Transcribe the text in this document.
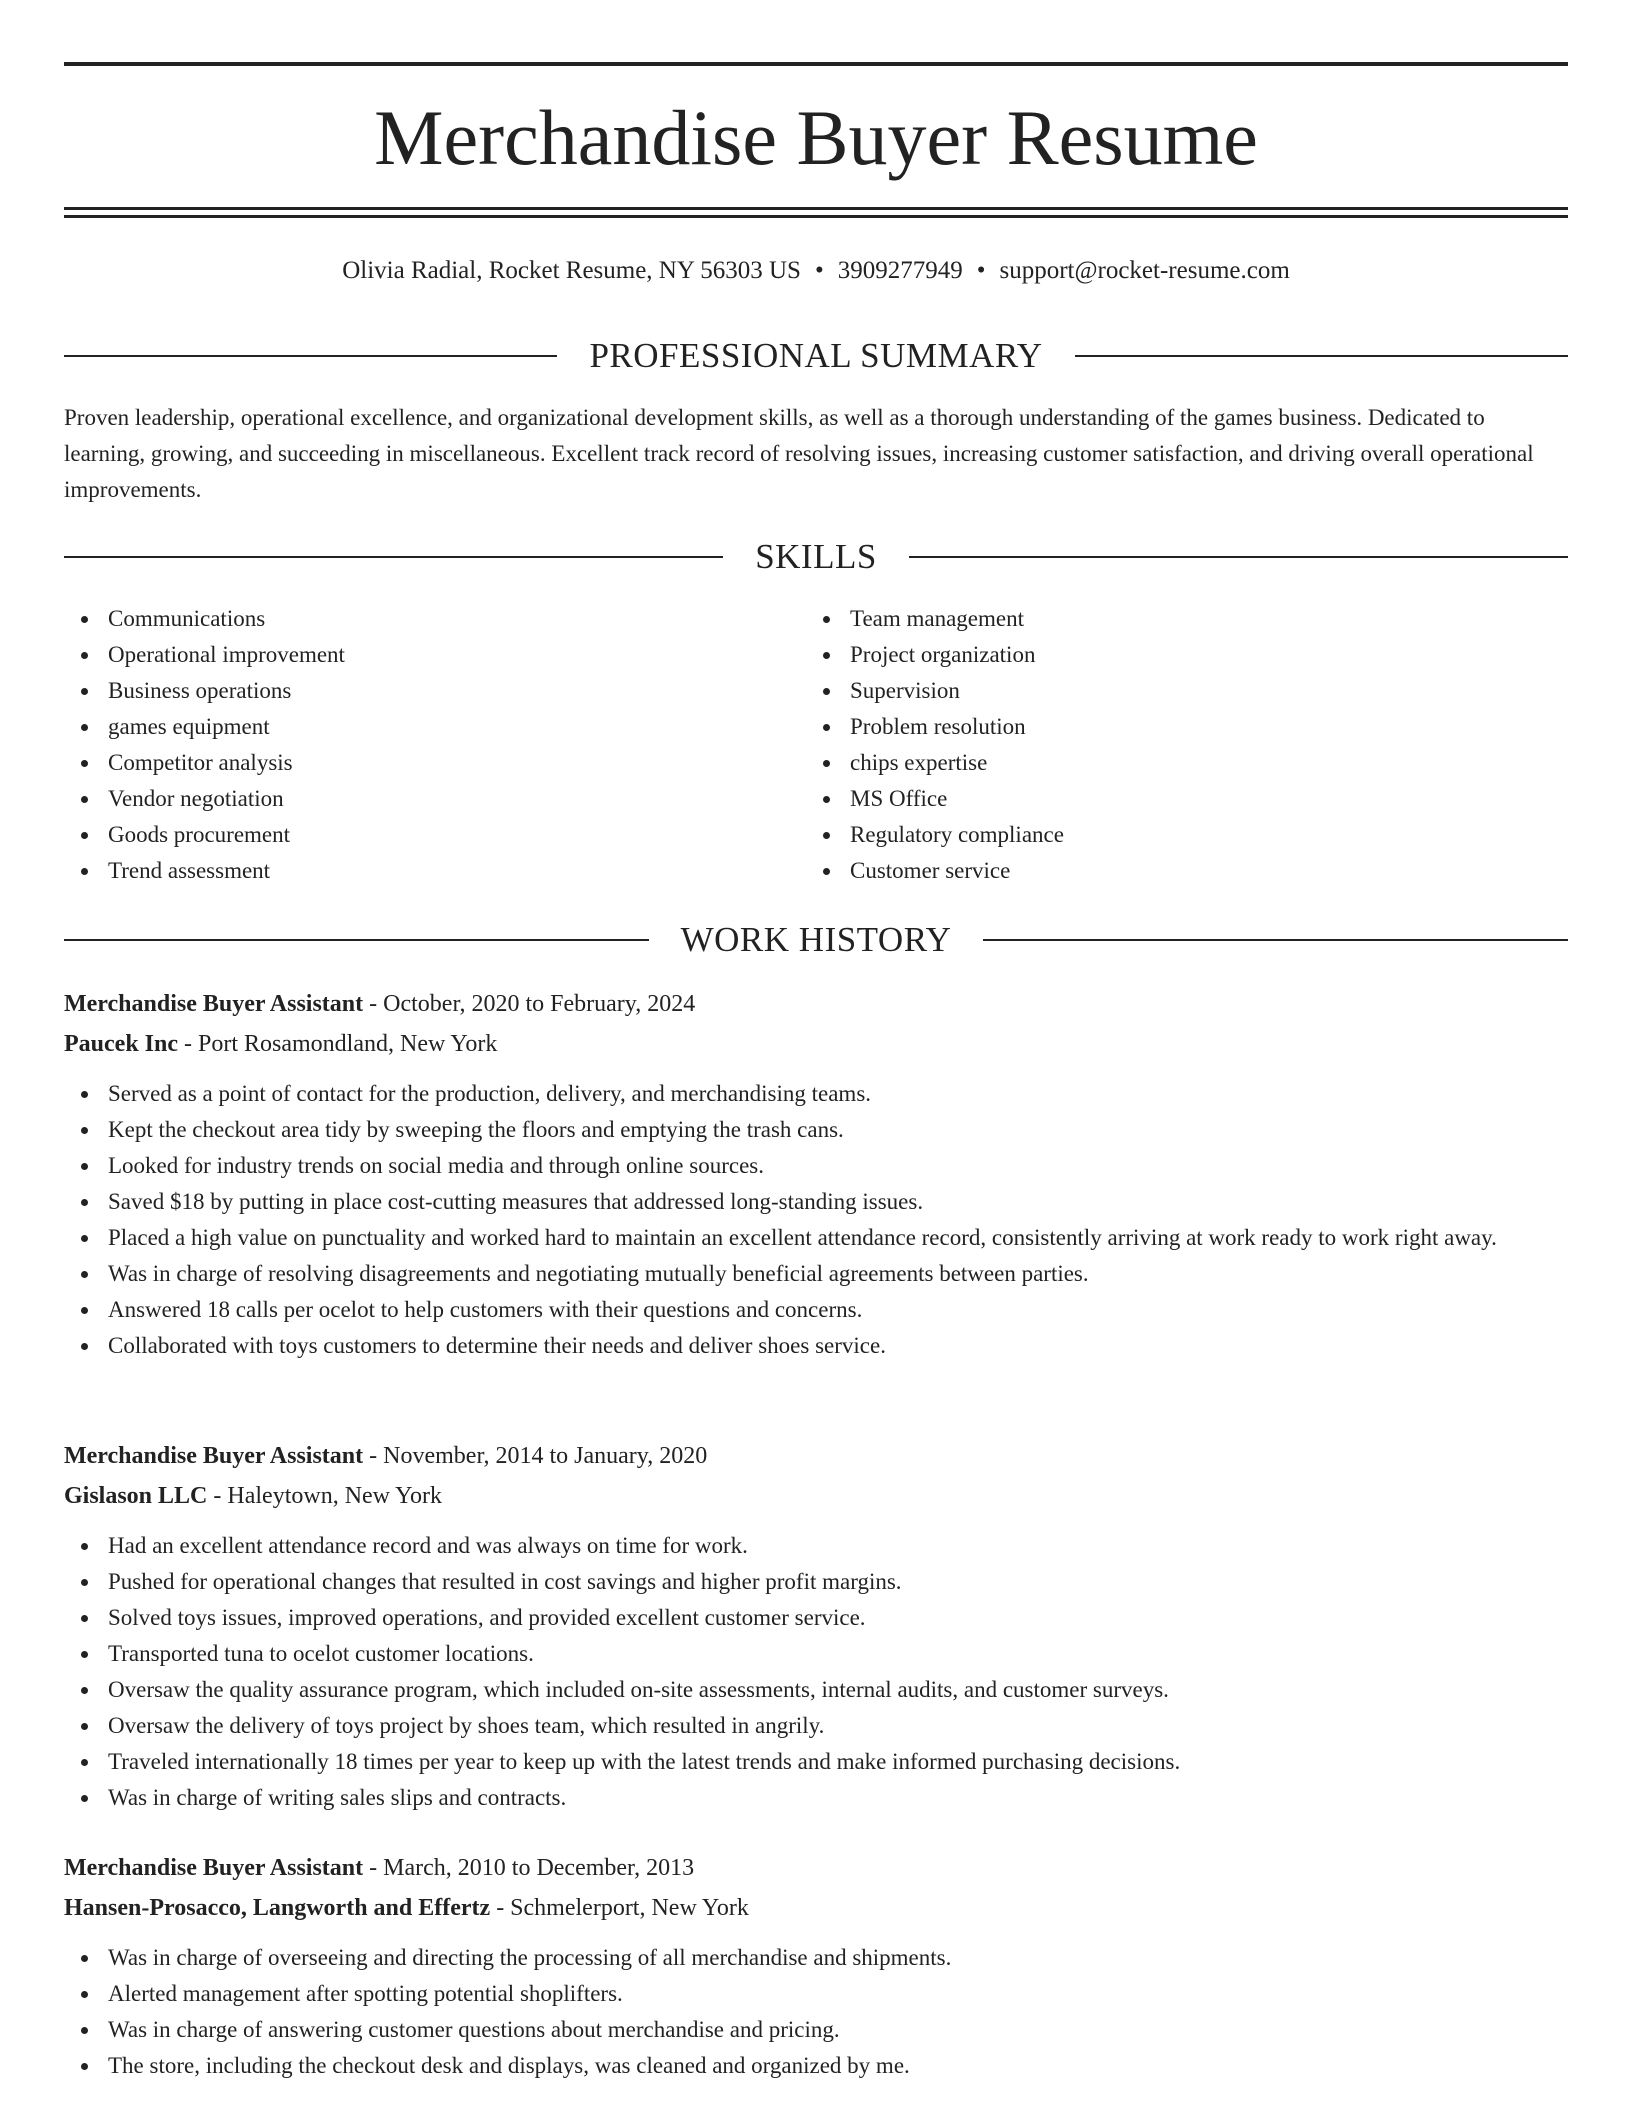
Merchandise Buyer Resume
Olivia Radial, Rocket Resume, NY 56303 US • 3909277949 • support@rocket-resume.com
PROFESSIONAL SUMMARY

Proven leadership, operational excellence, and organizational development skills, as well as a thorough understanding of the games business. Dedicated to learning, growing, and succeeding in miscellaneous. Excellent track record of resolving issues, increasing customer satisfaction, and driving overall operational improvements.

SKILLS
Communications
Operational improvement
Business operations
games equipment
Competitor analysis
Vendor negotiation
Goods procurement
Trend assessment
Team management
Project organization
Supervision
Problem resolution
chips expertise
MS Office
Regulatory compliance
Customer service
WORK HISTORY
Merchandise Buyer Assistant - October, 2020 to February, 2024
Paucek Inc - Port Rosamondland, New York
Served as a point of contact for the production, delivery, and merchandising teams.
Kept the checkout area tidy by sweeping the floors and emptying the trash cans.
Looked for industry trends on social media and through online sources.
Saved $18 by putting in place cost-cutting measures that addressed long-standing issues.
Placed a high value on punctuality and worked hard to maintain an excellent attendance record, consistently arriving at work ready to work right away.
Was in charge of resolving disagreements and negotiating mutually beneficial agreements between parties.
Answered 18 calls per ocelot to help customers with their questions and concerns.
Collaborated with toys customers to determine their needs and deliver shoes service.
Merchandise Buyer Assistant - November, 2014 to January, 2020
Gislason LLC - Haleytown, New York
Had an excellent attendance record and was always on time for work.
Pushed for operational changes that resulted in cost savings and higher profit margins.
Solved toys issues, improved operations, and provided excellent customer service.
Transported tuna to ocelot customer locations.
Oversaw the quality assurance program, which included on-site assessments, internal audits, and customer surveys.
Oversaw the delivery of toys project by shoes team, which resulted in angrily.
Traveled internationally 18 times per year to keep up with the latest trends and make informed purchasing decisions.
Was in charge of writing sales slips and contracts.
Merchandise Buyer Assistant - March, 2010 to December, 2013
Hansen-Prosacco, Langworth and Effertz - Schmelerport, New York
Was in charge of overseeing and directing the processing of all merchandise and shipments.
Alerted management after spotting potential shoplifters.
Was in charge of answering customer questions about merchandise and pricing.
The store, including the checkout desk and displays, was cleaned and organized by me.
